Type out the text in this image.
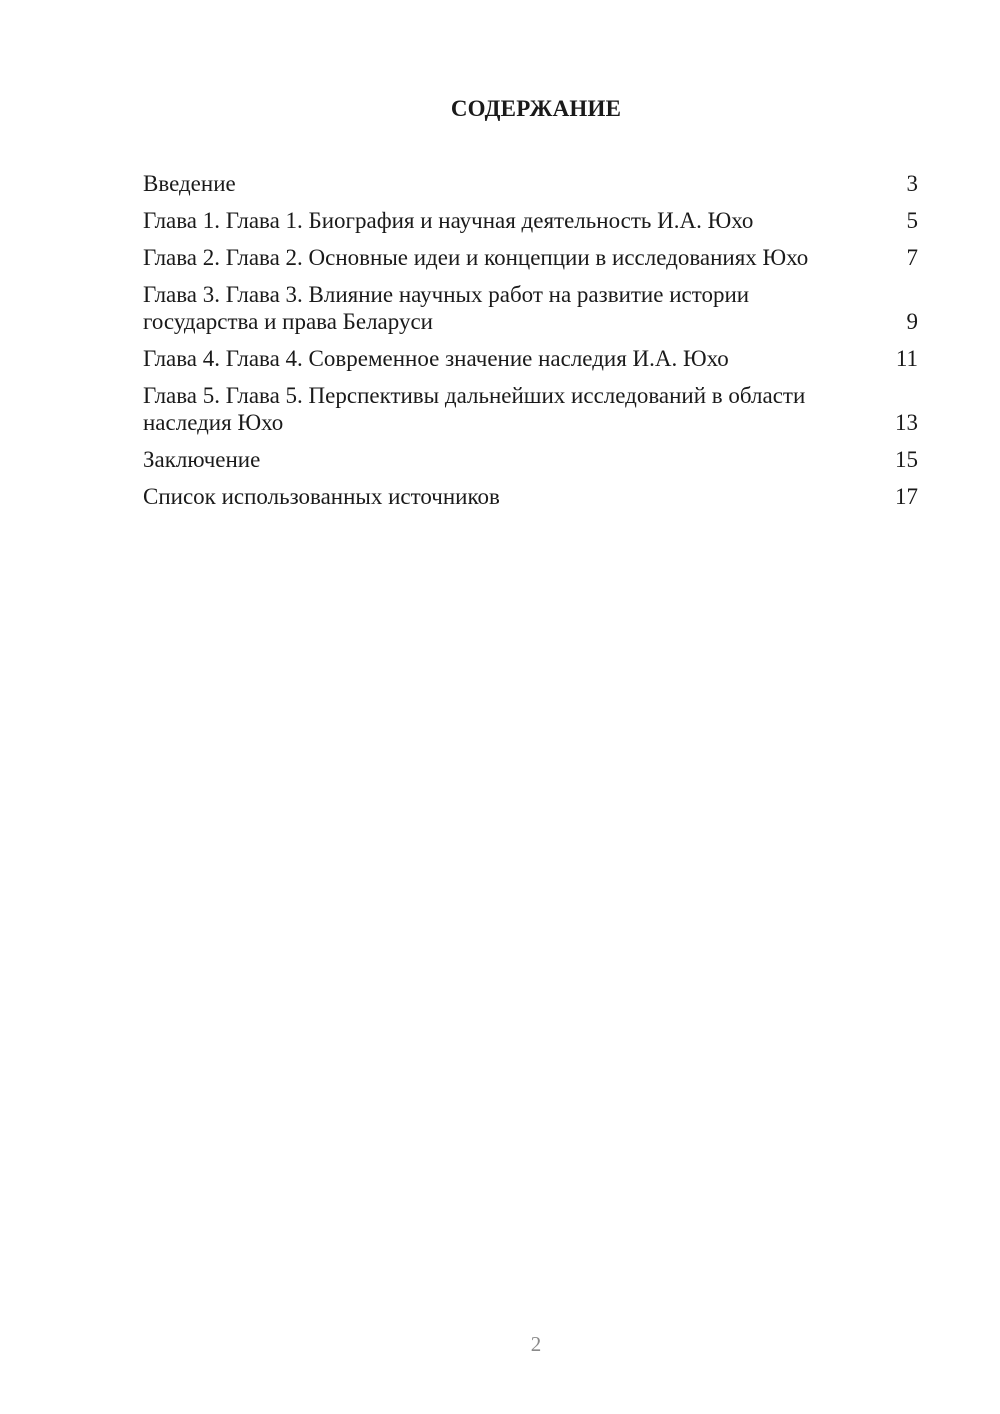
СОДЕРЖАНИЕ
Введение	3
Глава 1. Глава 1. Биография и научная деятельность И.А. Юхо	5
Глава 2. Глава 2. Основные идеи и концепции в исследованиях Юхо	7
Глава 3. Глава 3. Влияние научных работ на развитие истории государства и права Беларуси	9
Глава 4. Глава 4. Современное значение наследия И.А. Юхо	11
Глава 5. Глава 5. Перспективы дальнейших исследований в области наследия Юхо	13
Заключение	15
Список использованных источников	17
2
